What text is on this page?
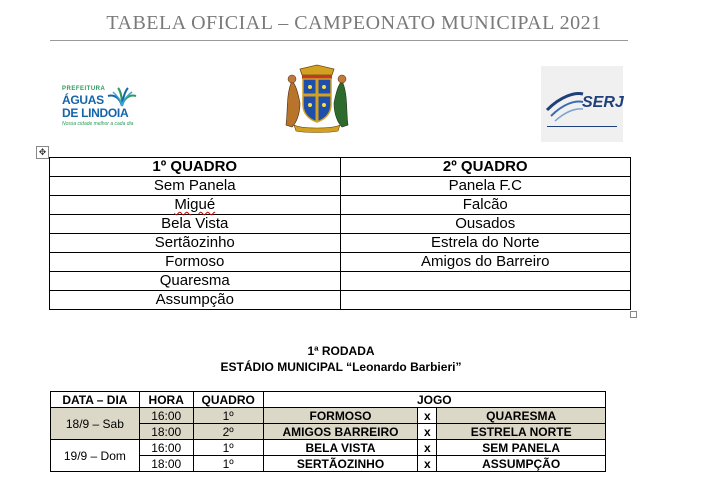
TABELA OFICIAL – CAMPEONATO MUNICIPAL 2021
PREFEITURA
ÁGUAS
DE LINDOIA
Nossa cidade melhor a cada dia
SERJ
✥
1º QUADRO	2º QUADRO
Sem Panela	Panela F.C
Migué	Falcão
Bela Vista	Ousados
Sertãozinho	Estrela do Norte
Formoso	Amigos do Barreiro
Quaresma	
Assumpção	
1ª RODADA
ESTÁDIO MUNICIPAL “Leonardo Barbieri”
DATA – DIA	HORA	QUADRO	JOGO		
18/9 – Sab	16:00	1º	FORMOSO	x	QUARESMA
	18:00	2º	AMIGOS BARREIRO	x	ESTRELA NORTE
19/9 – Dom	16:00	1º	BELA VISTA	x	SEM PANELA
	18:00	1º	SERTÃOZINHO	x	ASSUMPÇÃO
